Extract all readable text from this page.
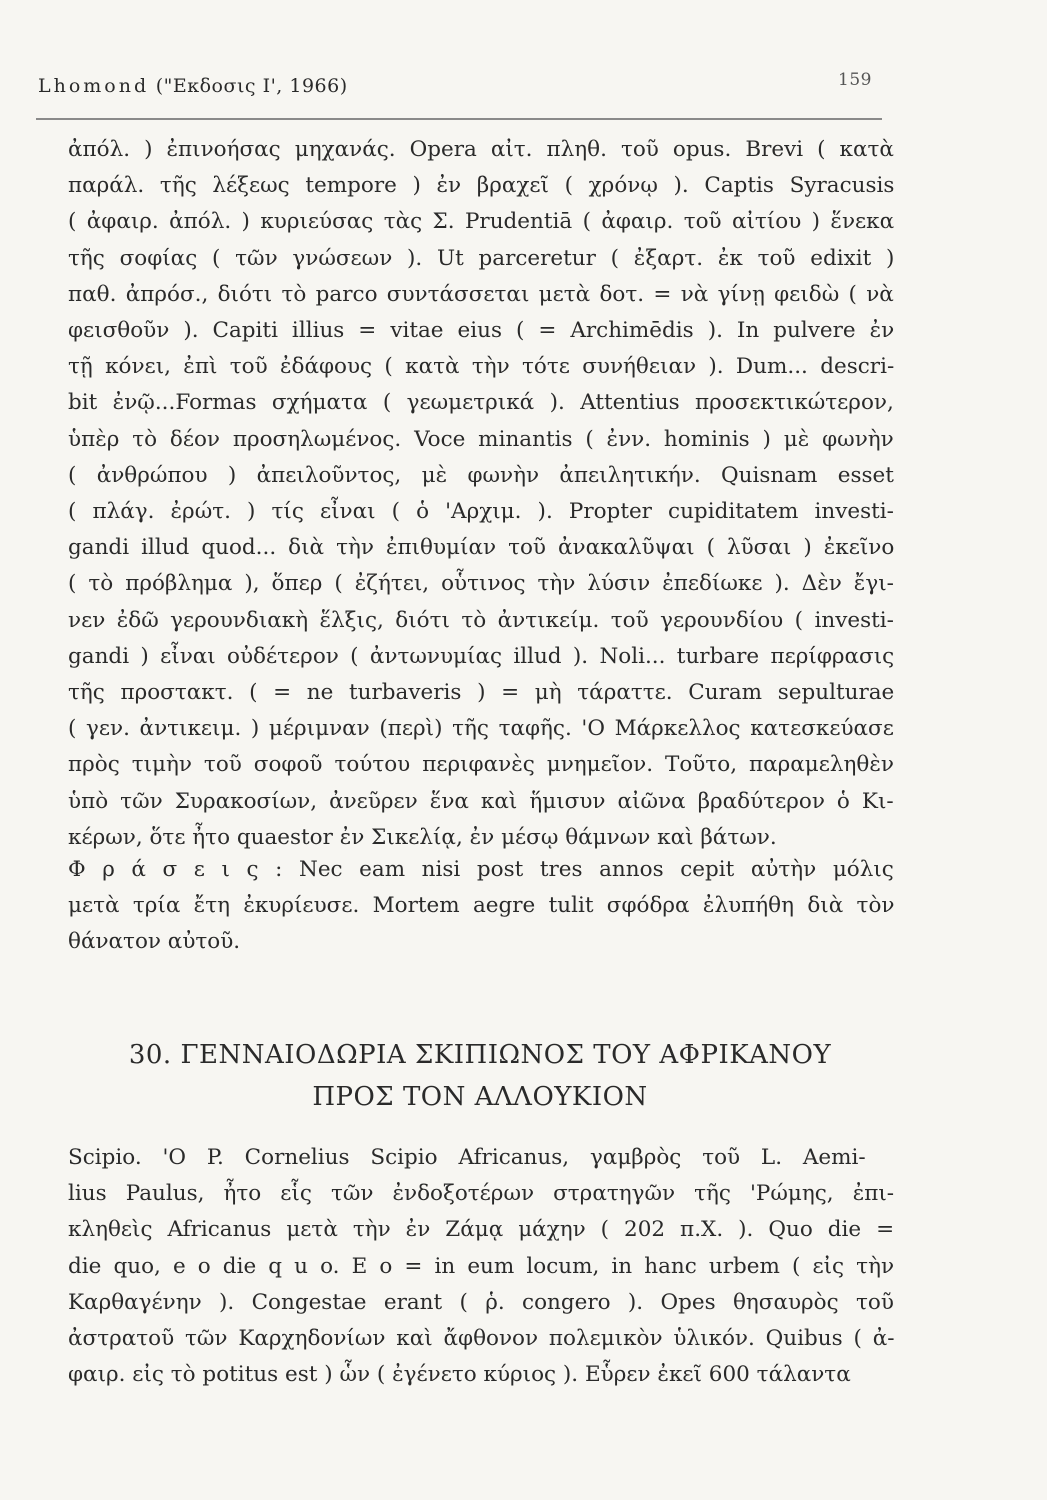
Lhomond ("Εκδοσις Ι', 1966)	159
ἀπόλ. ) ἐπινοήσας μηχανάς. Opera αἰτ. πληθ. τοῦ opus. Brevi ( κατὰ
παράλ. τῆς λέξεως tempore ) ἐν βραχεῖ ( χρόνῳ ). Captis Syracusis
( ἀφαιρ. ἀπόλ. ) κυριεύσας τὰς Σ. Prudentiā ( ἀφαιρ. τοῦ αἰτίου ) ἕνεκα
τῆς σοφίας ( τῶν γνώσεων ). Ut parceretur ( ἐξαρτ. ἐκ τοῦ edixit )
παθ. ἀπρόσ., διότι τὸ parco συντάσσεται μετὰ δοτ. = νὰ γίνῃ φειδὼ ( νὰ
φεισθοῦν ). Capiti illius = vitae eius ( = Archimēdis ). In pulvere ἐν
τῇ κόνει, ἐπὶ τοῦ ἐδάφους ( κατὰ τὴν τότε συνήθειαν ). Dum... descri-
bit ἐνῷ...Formas σχήματα ( γεωμετρικά ). Attentius προσεκτικώτερον,
ὑπὲρ τὸ δέον προσηλωμένος. Voce minantis ( ἐνν. hominis ) μὲ φωνὴν
( ἀνθρώπου ) ἀπειλοῦντος, μὲ φωνὴν ἀπειλητικήν. Quisnam esset
( πλάγ. ἐρώτ. ) τίς εἶναι ( ὁ 'Αρχιμ. ). Propter cupiditatem investi-
gandi illud quod... διὰ τὴν ἐπιθυμίαν τοῦ ἀνακαλῦψαι ( λῦσαι ) ἐκεῖνο
( τὸ πρόβλημα ), ὅπερ ( ἐζήτει, οὗτινος τὴν λύσιν ἐπεδίωκε ). Δὲν ἔγι-
νεν ἐδῶ γερουνδιακὴ ἕλξις, διότι τὸ ἀντικείμ. τοῦ γερουνδίου ( investi-
gandi ) εἶναι οὐδέτερον ( ἀντωνυμίας illud ). Noli... turbare περίφρασις
τῆς προστακτ. ( = ne turbaveris ) = μὴ τάραττε. Curam sepulturae
( γεν. ἀντικειμ. ) μέριμναν (περὶ) τῆς ταφῆς. 'Ο Μάρκελλος κατεσκεύασε
πρὸς τιμὴν τοῦ σοφοῦ τούτου περιφανὲς μνημεῖον. Τοῦτο, παραμεληθὲν
ὑπὸ τῶν Συρακοσίων, ἀνεῦρεν ἕνα καὶ ἥμισυν αἰῶνα βραδύτερον ὁ Κι-
κέρων, ὅτε ἦτο quaestor ἐν Σικελίᾳ, ἐν μέσῳ θάμνων καὶ βάτων.
Φ ρ ά σ ε ι ς : Nec eam nisi post tres annos cepit αὐτὴν μόλις
μετὰ τρία ἔτη ἐκυρίευσε. Mortem aegre tulit σφόδρα ἐλυπήθη διὰ τὸν
θάνατον αὐτοῦ.
30. ΓΕΝΝΑΙΟΔΩΡΙΑ ΣΚΙΠΙΩΝΟΣ ΤΟΥ ΑΦΡΙΚΑΝΟΥ
ΠΡΟΣ ΤΟΝ ΑΛΛΟΥΚΙΟΝ
Scipio. 'Ο P. Cornelius Scipio Africanus, γαμβρὸς τοῦ L. Aemi-
lius Paulus, ἦτο εἷς τῶν ἐνδοξοτέρων στρατηγῶν τῆς 'Ρώμης, ἐπι-
κληθεὶς Africanus μετὰ τὴν ἐν Ζάμᾳ μάχην ( 202 π.Χ. ). Quo die =
die quo, e o die q u o. E o = in eum locum, in hanc urbem ( εἰς τὴν
Καρθαγένην ). Congestae erant ( ῥ. congero ). Opes θησαυρὸς τοῦ
ἀστρατοῦ τῶν Καρχηδονίων καὶ ἄφθονον πολεμικὸν ὑλικόν. Quibus ( ἀ-
φαιρ. εἰς τὸ potitus est ) ὧν ( ἐγένετο κύριος ). Εὗρεν ἐκεῖ 600 τάλαντα
